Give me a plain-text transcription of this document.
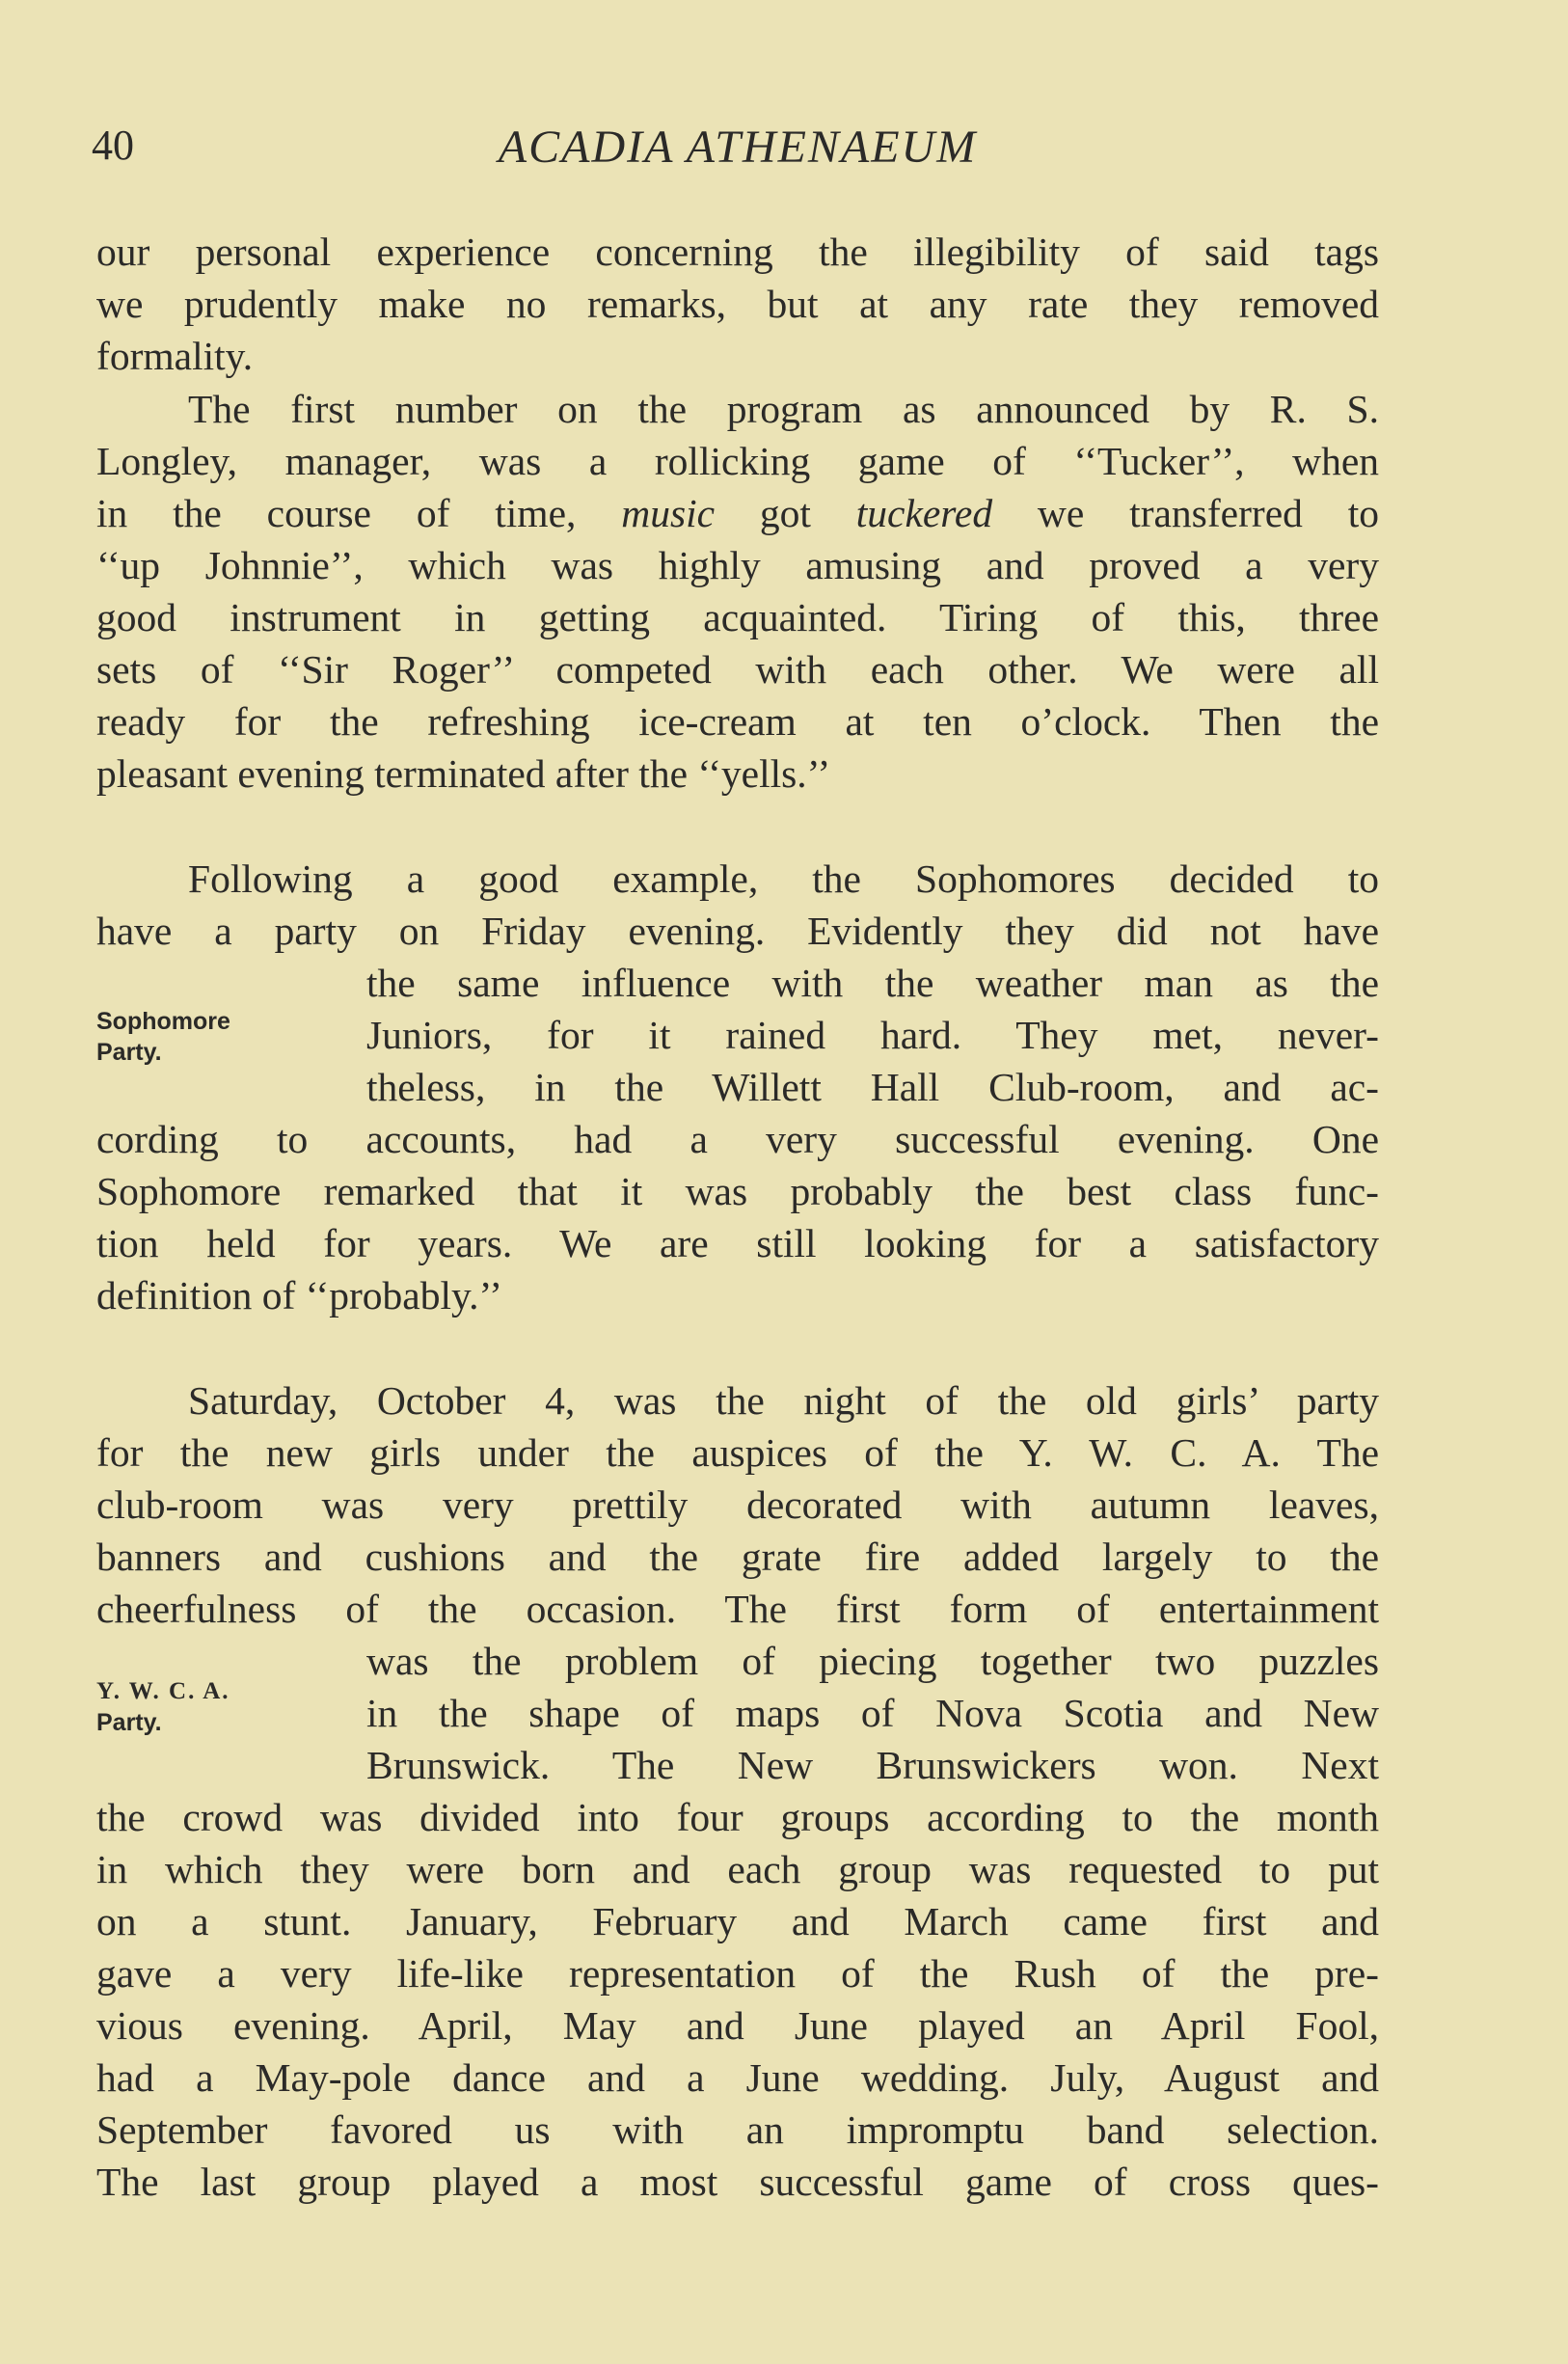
40	ACADIA ATHENAEUM
our personal experience concerning the illegibility of said tags
we prudently make no remarks, but at any rate they removed
formality.
The first number on the program as announced by R. S.
Longley, manager, was a rollicking game of ‘‘Tucker’’, when
in the course of time, music got tuckered we transferred to
‘‘up Johnnie’’, which was highly amusing and proved a very
good instrument in getting acquainted. Tiring of this, three
sets of ‘‘Sir Roger’’ competed with each other. We were all
ready for the refreshing ice-cream at ten o’clock. Then the
pleasant evening terminated after the ‘‘yells.’’
Following a good example, the Sophomores decided to
have a party on Friday evening. Evidently they did not have
the same influence with the weather man as the
Juniors, for it rained hard. They met, never-
theless, in the Willett Hall Club-room, and ac-
cording to accounts, had a very successful evening. One
Sophomore remarked that it was probably the best class func-
tion held for years. We are still looking for a satisfactory
definition of ‘‘probably.’’
Saturday, October 4, was the night of the old girls’ party
for the new girls under the auspices of the Y. W. C. A. The
club-room was very prettily decorated with autumn leaves,
banners and cushions and the grate fire added largely to the
cheerfulness of the occasion. The first form of entertainment
was the problem of piecing together two puzzles
in the shape of maps of Nova Scotia and New
Brunswick. The New Brunswickers won. Next
the crowd was divided into four groups according to the month
in which they were born and each group was requested to put
on a stunt. January, February and March came first and
gave a very life-like representation of the Rush of the pre-
vious evening. April, May and June played an April Fool,
had a May-pole dance and a June wedding. July, August and
September favored us with an impromptu band selection.
The last group played a most successful game of cross ques-
Sophomore
Party.
Y. W. C. A.
Party.
